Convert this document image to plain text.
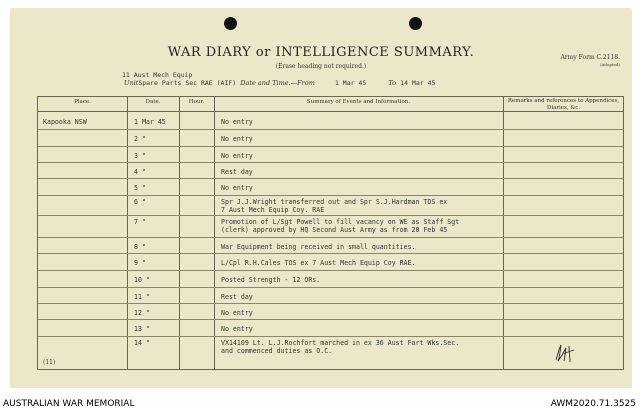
WAR DIARY or INTELLIGENCE SUMMARY.
(Erase heading not required.)
Army Form C.2118.
(Adopted)
11 Aust Mech Equip
UnitSpare Parts Sec RAE (AIF) Date and Time.—From	1 Mar 45	To 14 Mar 45
Place.	Date.	Hour.	Summary of Events and Information.	Remarks and references to Appendices, Diaries, &c.
(11)
Kapooka NSW	1 Mar 45	No entry
2 "	No entry
3 "	No entry
4 "	Rest day
5 "	No entry
6 "	Spr J.J.Wright transferred out and Spr S.J.Hardman TOS ex
7 Aust Mech Equip Coy. RAE
7 "	Promotion of L/Sgt Powell to fill vacancy on WE as Staff Sgt
(clerk) approved by HQ Second Aust Army as from 20 Feb 45
8 "	War Equipment being received in small quantities.
9 "	L/Cpl R.H.Cales TOS ex 7 Aust Mech Equip Coy RAE.
10 "	Posted Strength - 12 ORs.
11 "	Rest day
12 "	No entry
13 "	No entry
14 "	VX14109 Lt. L.J.Rochfort marched in ex 36 Aust Fort Wks.Sec.
and commenced duties as O.C.
AUSTRALIAN WAR MEMORIAL	AWM2020.71.3525
